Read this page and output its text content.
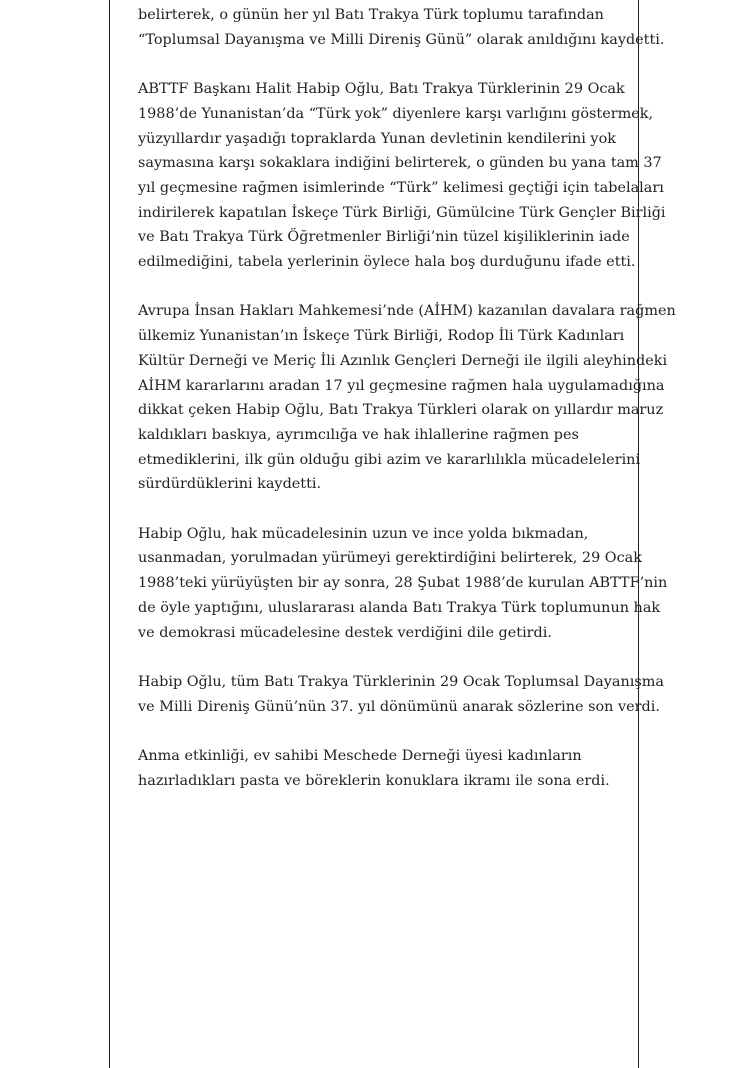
belirterek, o günün her yıl Batı Trakya Türk toplumu tarafından
“Toplumsal Dayanışma ve Milli Direniş Günü” olarak anıldığını kaydetti.

ABTTF Başkanı Halit Habip Oğlu, Batı Trakya Türklerinin 29 Ocak
1988’de Yunanistan’da “Türk yok” diyenlere karşı varlığını göstermek,
yüzyıllardır yaşadığı topraklarda Yunan devletinin kendilerini yok
saymasına karşı sokaklara indiğini belirterek, o günden bu yana tam 37
yıl geçmesine rağmen isimlerinde “Türk” kelimesi geçtiği için tabelaları
indirilerek kapatılan İskeçe Türk Birliği, Gümülcine Türk Gençler Birliği
ve Batı Trakya Türk Öğretmenler Birliği’nin tüzel kişiliklerinin iade
edilmediğini, tabela yerlerinin öylece hala boş durduğunu ifade etti.

Avrupa İnsan Hakları Mahkemesi’nde (AİHM) kazanılan davalara rağmen
ülkemiz Yunanistan’ın İskeçe Türk Birliği, Rodop İli Türk Kadınları
Kültür Derneği ve Meriç İli Azınlık Gençleri Derneği ile ilgili aleyhindeki
AİHM kararlarını aradan 17 yıl geçmesine rağmen hala uygulamadığına
dikkat çeken Habip Oğlu, Batı Trakya Türkleri olarak on yıllardır maruz
kaldıkları baskıya, ayrımcılığa ve hak ihlallerine rağmen pes
etmediklerini, ilk gün olduğu gibi azim ve kararlılıkla mücadelelerini
sürdürdüklerini kaydetti.

Habip Oğlu, hak mücadelesinin uzun ve ince yolda bıkmadan,
usanmadan, yorulmadan yürümeyi gerektirdiğini belirterek, 29 Ocak
1988’teki yürüyüşten bir ay sonra, 28 Şubat 1988’de kurulan ABTTF’nin
de öyle yaptığını, uluslararası alanda Batı Trakya Türk toplumunun hak
ve demokrasi mücadelesine destek verdiğini dile getirdi.

Habip Oğlu, tüm Batı Trakya Türklerinin 29 Ocak Toplumsal Dayanışma
ve Milli Direniş Günü’nün 37. yıl dönümünü anarak sözlerine son verdi.

Anma etkinliği, ev sahibi Meschede Derneği üyesi kadınların
hazırladıkları pasta ve böreklerin konuklara ikramı ile sona erdi.
